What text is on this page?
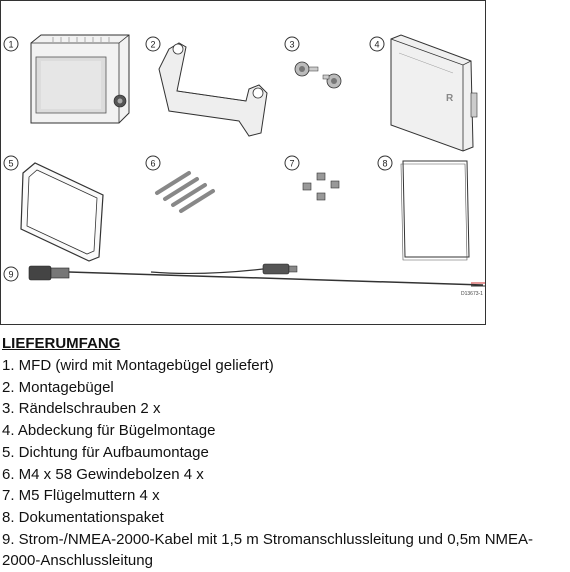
1	2	3	4
R
5	6	7	8
9
D13673-1
LIEFERUMFANG
1. MFD (wird mit Montagebügel geliefert)
2. Montagebügel
3. Rändelschrauben 2 x
4. Abdeckung für Bügelmontage
5. Dichtung für Aufbaumontage
6. M4 x 58 Gewindebolzen 4 x
7. M5 Flügelmuttern 4 x
8. Dokumentationspaket
9. Strom-/NMEA-2000-Kabel mit 1,5 m Stromanschlussleitung und 0,5m NMEA-2000-Anschlussleitung
